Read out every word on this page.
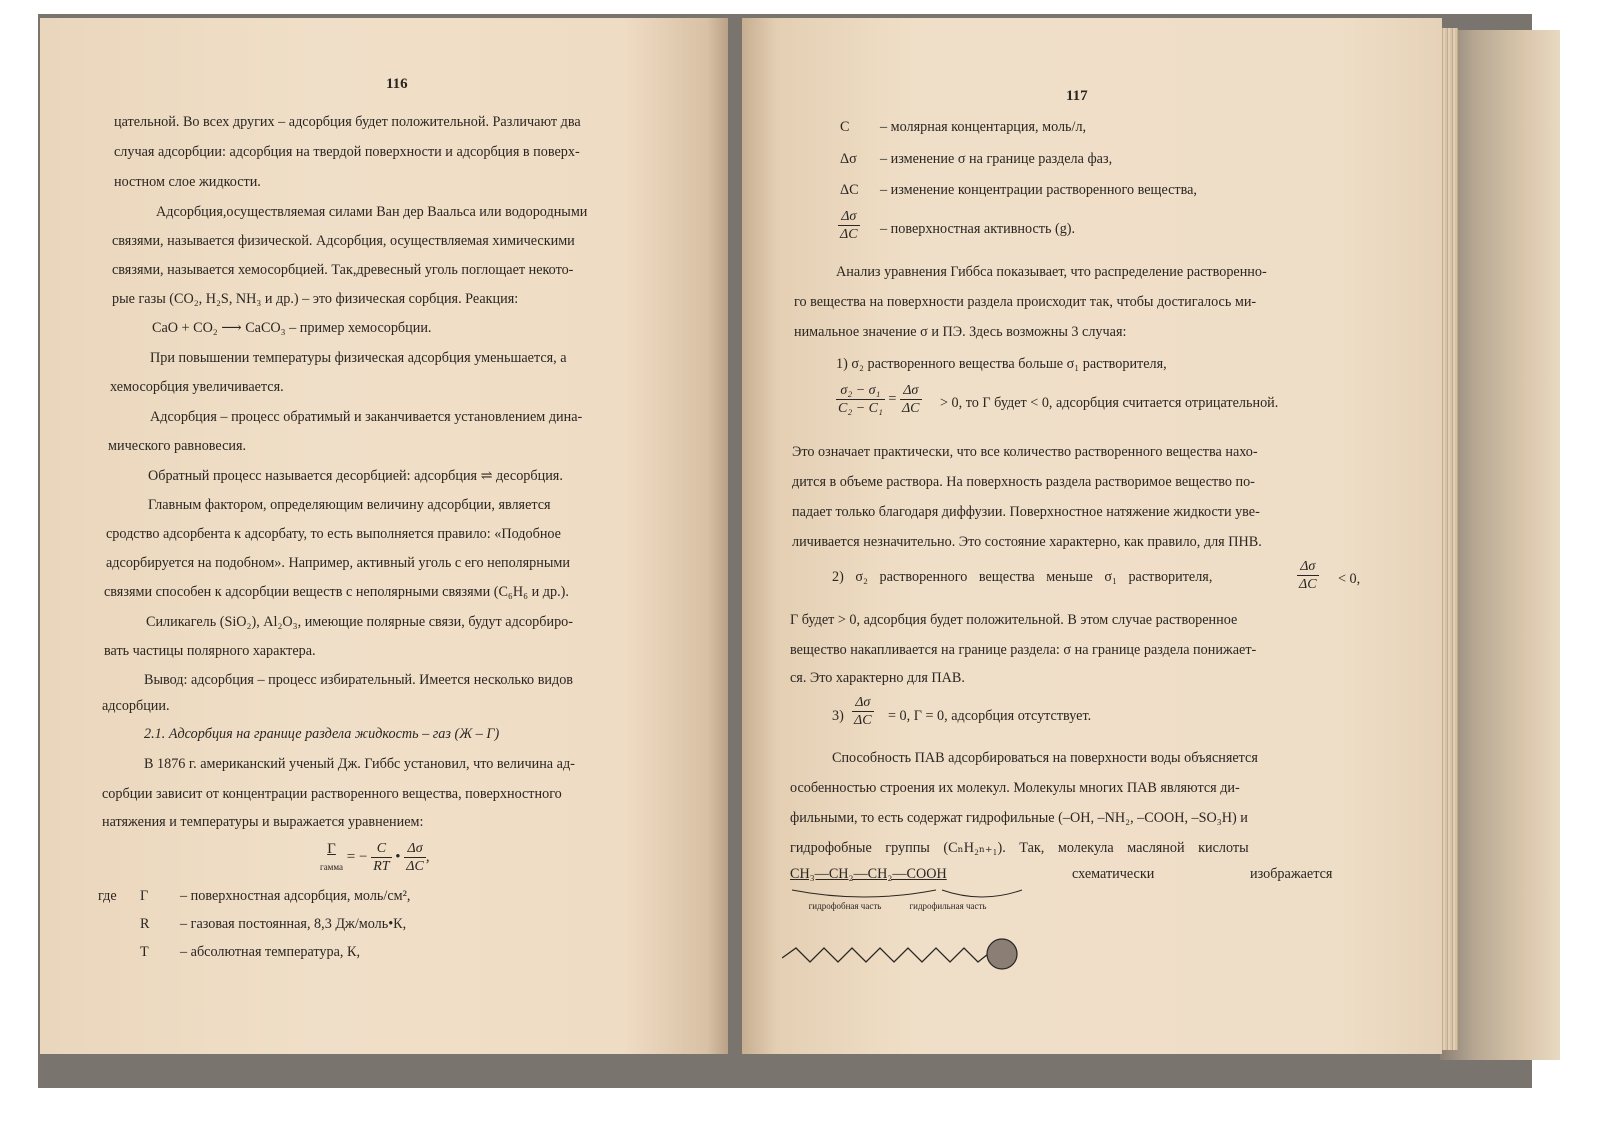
116
цательной. Во всех других – адсорбция будет положительной. Различают два
случая адсорбции: адсорбция на твердой поверхности и адсорбция в поверх-
ностном слое жидкости.
Адсорбция,осуществляемая силами Ван дер Ваальса или водородными
связями, называется физической. Адсорбция, осуществляемая химическими
связями, называется хемосорбцией. Так,древесный уголь поглощает некото-
рые газы (CO₂, H₂S, NH₃ и др.) – это физическая сорбция. Реакция:
CaO + CO₂ ⟶ CaCO₃ – пример хемосорбции.
При повышении температуры физическая адсорбция уменьшается, а
хемосорбция увеличивается.
Адсорбция – процесс обратимый и заканчивается установлением дина-
мического равновесия.
Обратный процесс называется десорбцией: адсорбция ⇌ десорбция.
Главным фактором, определяющим величину адсорбции, является
сродство адсорбента к адсорбату, то есть выполняется правило: «Подобное
адсорбируется на подобном». Например, активный уголь с его неполярными
связями способен к адсорбции веществ с неполярными связями (C₆H₆ и др.).
Силикагель (SiO₂), Al₂O₃, имеющие полярные связи, будут адсорбиро-
вать частицы полярного характера.
Вывод: адсорбция – процесс избирательный. Имеется несколько видов
адсорбции.
2.1. Адсорбция на границе раздела жидкость – газ (Ж – Г)
В 1876 г. американский ученый Дж. Гиббс установил, что величина ад-
сорбции зависит от концентрации растворенного вещества, поверхностного
натяжения и температуры и выражается уравнением:
Γ
гамма = − $\frac{C}{RT}$ • $\frac{\Delta\sigma}{\Delta C}$ ,
где Γ – поверхностная адсорбция, моль/см²,
R – газовая постоянная, 8,3 Дж/моль•К,
T – абсолютная температура, К,
117
C – молярная концентарция, моль/л,
Δσ – изменение σ на границе раздела фаз,
ΔC – изменение концентрации растворенного вещества,
$\frac{\Delta\sigma}{\Delta C}$ – поверхностная активность (g).
Анализ уравнения Гиббса показывает, что распределение растворенно-
го вещества на поверхности раздела происходит так, чтобы достигалось ми-
нимальное значение σ и ПЭ. Здесь возможны 3 случая:
1) σ₂ растворенного вещества больше σ₁ растворителя,
$\frac{\text{σ₂ − σ₁}}{\text{C₂ − C₁}} = \frac{\Delta\sigma}{\Delta C} > 0$, то Г будет < 0, адсорбция считается отрицательной.
Это означает практически, что все количество растворенного вещества нахо-
дится в объеме раствора. На поверхность раздела растворимое вещество по-
падает только благодаря диффузии. Поверхностное натяжение жидкости уве-
личивается незначительно. Это состояние характерно, как правило, для ПНВ.
2) σ₂ растворенного вещества меньше σ₁ растворителя,	$\frac{\Delta\sigma}{\Delta C} < 0$,
Г будет > 0, адсорбция будет положительной. В этом случае растворенное
вещество накапливается на границе раздела: σ на границе раздела понижает-
ся. Это характерно для ПАВ.
$3) \frac{\Delta\sigma}{\Delta C} = 0$, Г = 0, адсорбция отсутствует.
Способность ПАВ адсорбироваться на поверхности воды объясняется
особенностью строения их молекул. Молекулы многих ПАВ являются ди-
фильными, то есть содержат гидрофильные (–OH, –NH₂, –COOH, –SO₃H) и
гидрофобные группы (CₙH₂ₙ₊₁). Так, молекула масляной кислоты
CH₃—CH₂—CH₂—COOH	схематически	изображается
гидрофобная часть	гидрофильная часть
